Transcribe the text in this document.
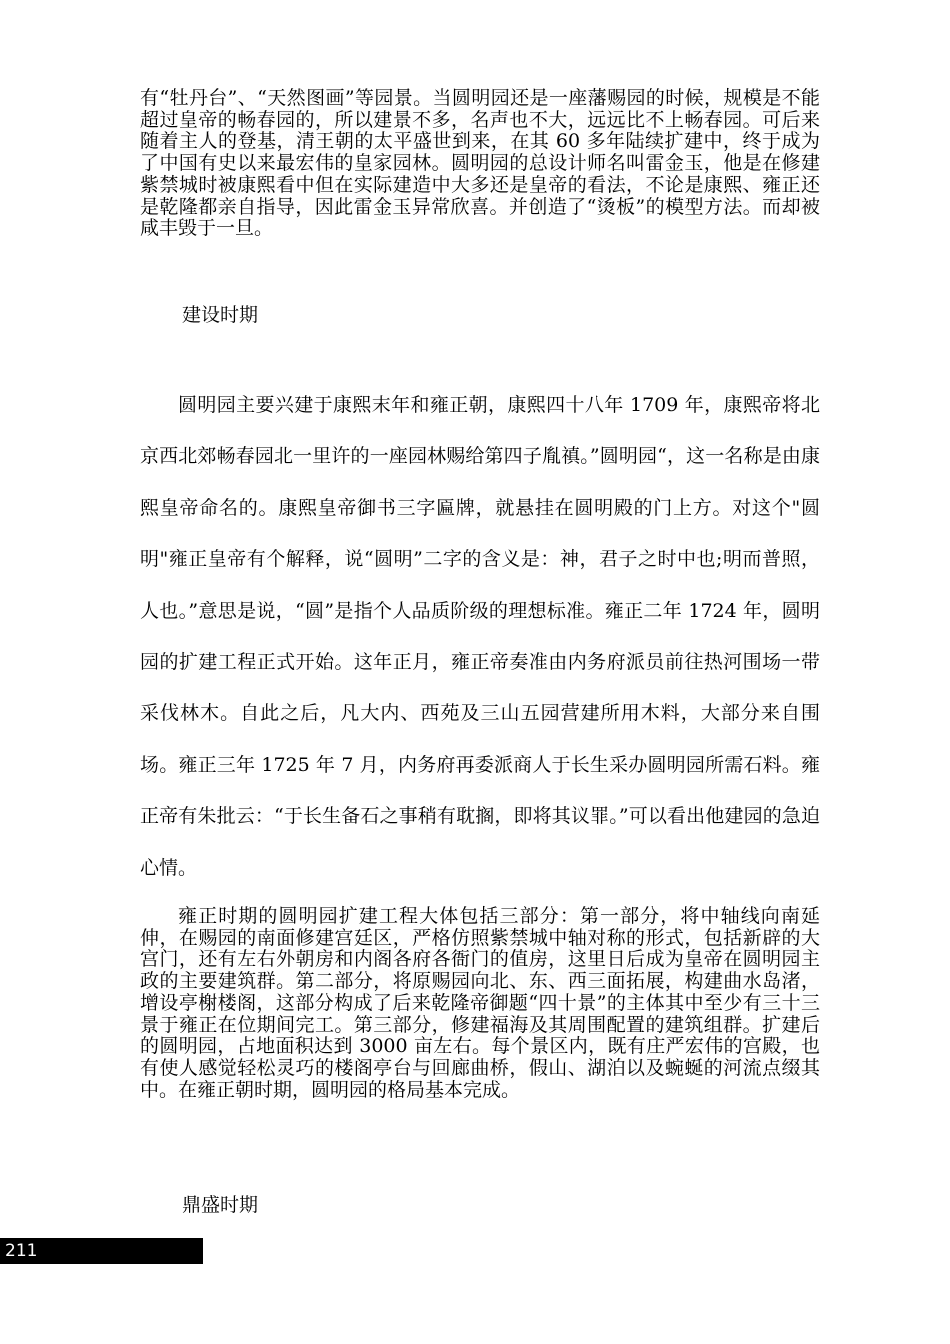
有“牡丹台”、“天然图画”等园景。当圆明园还是一座藩赐园的时候，规模是不能超过皇帝的畅春园的，所以建景不多，名声也不大，远远比不上畅春园。可后来随着主人的登基，清王朝的太平盛世到来，在其 60 多年陆续扩建中，终于成为了中国有史以来最宏伟的皇家园林。圆明园的总设计师名叫雷金玉，他是在修建紫禁城时被康熙看中但在实际建造中大多还是皇帝的看法，不论是康熙、雍正还是乾隆都亲自指导，因此雷金玉异常欣喜。并创造了“烫板”的模型方法。而却被咸丰毁于一旦。

建设时期

圆明园主要兴建于康熙末年和雍正朝，康熙四十八年 1709 年，康熙帝将北京西北郊畅春园北一里许的一座园林赐给第四子胤禛。”圆明园“，这一名称是由康熙皇帝命名的。康熙皇帝御书三字匾牌，就悬挂在圆明殿的门上方。对这个"圆明"雍正皇帝有个解释，说“圆明”二字的含义是：神，君子之时中也;明而普照，人也。”意思是说，“圆”是指个人品质阶级的理想标准。雍正二年 1724 年，圆明园的扩建工程正式开始。这年正月，雍正帝奏准由内务府派员前往热河围场一带采伐林木。自此之后，凡大内、西苑及三山五园营建所用木料，大部分来自围场。雍正三年 1725 年 7 月，内务府再委派商人于长生采办圆明园所需石料。雍正帝有朱批云：“于长生备石之事稍有耽搁，即将其议罪。”可以看出他建园的急迫心情。

雍正时期的圆明园扩建工程大体包括三部分：第一部分，将中轴线向南延伸，在赐园的南面修建宫廷区，严格仿照紫禁城中轴对称的形式，包括新辟的大宫门，还有左右外朝房和内阁各府各衙门的值房，这里日后成为皇帝在圆明园主政的主要建筑群。第二部分，将原赐园向北、东、西三面拓展，构建曲水岛渚，增设亭榭楼阁，这部分构成了后来乾隆帝御题“四十景”的主体其中至少有三十三景于雍正在位期间完工。第三部分，修建福海及其周围配置的建筑组群。扩建后的圆明园，占地面积达到 3000 亩左右。每个景区内，既有庄严宏伟的宫殿，也有使人感觉轻松灵巧的楼阁亭台与回廊曲桥，假山、湖泊以及蜿蜒的河流点缀其中。在雍正朝时期，圆明园的格局基本完成。

鼎盛时期
211
